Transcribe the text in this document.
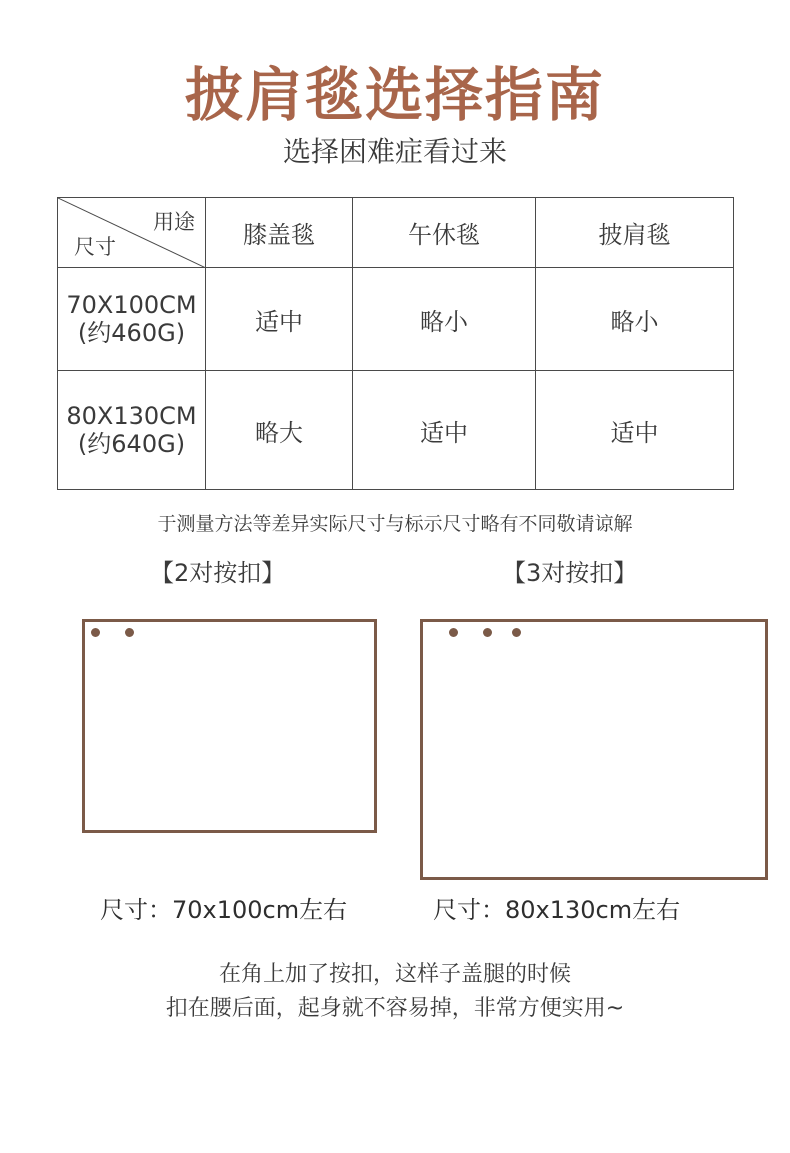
披肩毯选择指南
选择困难症看过来
用途
尺寸	膝盖毯	午休毯	披肩毯

70X100CM
(约460G)	适中	略小	略小

80X130CM
(约640G)	略大	适中	适中
于测量方法等差异实际尺寸与标示尺寸略有不同敬请谅解
【2对按扣】	【3对按扣】
尺寸：70x100cm左右	尺寸：80x130cm左右
在角上加了按扣，这样子盖腿的时候
扣在腰后面，起身就不容易掉，非常方便实用~
